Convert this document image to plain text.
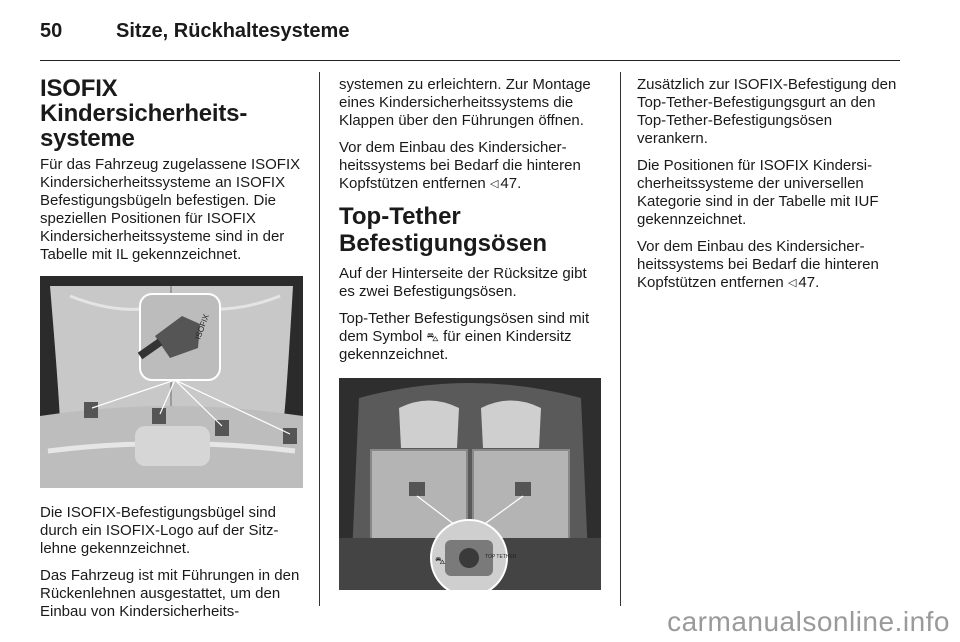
50	Sitze, Rückhaltesysteme
ISOFIX Kindersicherheitssysteme

Für das Fahrzeug zugelassene ISOFIX Kindersicherheitssysteme an ISOFIX Befestigungsbügeln befestigen. Die speziellen Positionen für ISOFIX Kindersicherheitssysteme sind in der Tabelle mit IL gekennzeichnet.

ISOFIX

Die ISOFIX-Befestigungsbügel sind durch ein ISOFIX-Logo auf der Sitzlehne gekennzeichnet.

Das Fahrzeug ist mit Führungen in den Rückenlehnen ausgestattet, um den Einbau von Kindersicherheits-

systemen zu erleichtern. Zur Montage eines Kindersicherheitssystems die Klappen über den Führungen öffnen.

Vor dem Einbau des Kindersicherheitssystems bei Bedarf die hinteren Kopfstützen entfernen ◁ 47.

Top-Tether Befestigungsösen

Auf der Hinterseite der Rücksitze gibt es zwei Befestigungsösen.

Top-Tether Befestigungsösen sind mit dem Symbol ⛍ für einen Kindersitz gekennzeichnet.

⛍	TOP TETHER

Zusätzlich zur ISOFIX-Befestigung den Top-Tether-Befestigungsgurt an den Top-Tether-Befestigungsösen verankern.

Die Positionen für ISOFIX Kindersicherheitssysteme der universellen Kategorie sind in der Tabelle mit IUF gekennzeichnet.

Vor dem Einbau des Kindersicherheitssystems bei Bedarf die hinteren Kopfstützen entfernen ◁ 47.

carmanualsonline.info
